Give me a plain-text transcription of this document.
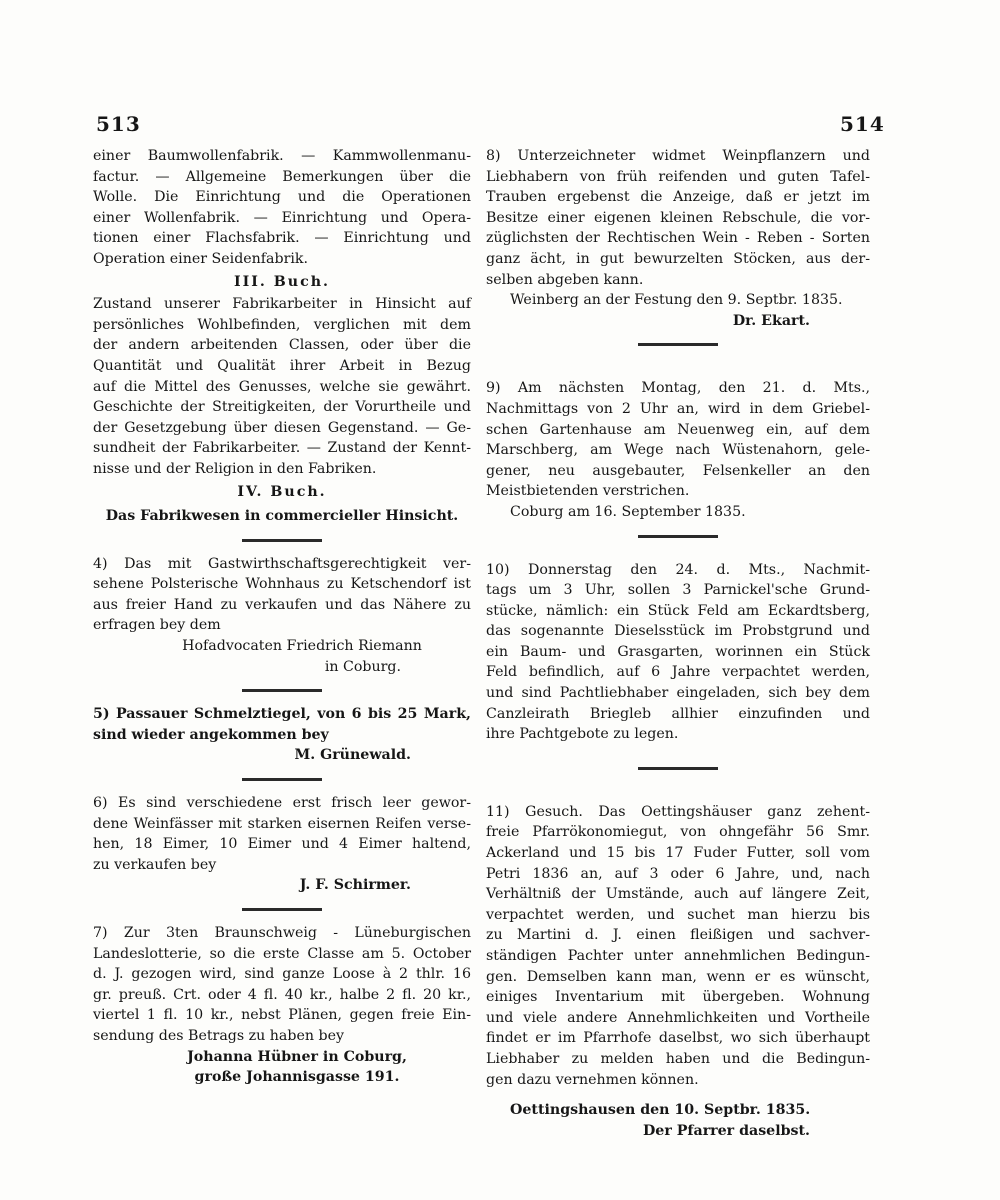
513	514
einer Baumwollenfabrik. — Kammwollenmanu-
factur. — Allgemeine Bemerkungen über die
Wolle. Die Einrichtung und die Operationen
einer Wollenfabrik. — Einrichtung und Opera-
tionen einer Flachsfabrik. — Einrichtung und
Operation einer Seidenfabrik.
III. Buch.
Zustand unserer Fabrikarbeiter in Hinsicht auf
persönliches Wohlbefinden, verglichen mit dem
der andern arbeitenden Classen, oder über die
Quantität und Qualität ihrer Arbeit in Bezug
auf die Mittel des Genusses, welche sie gewährt.
Geschichte der Streitigkeiten, der Vorurtheile und
der Gesetzgebung über diesen Gegenstand. — Ge-
sundheit der Fabrikarbeiter. — Zustand der Kennt-
nisse und der Religion in den Fabriken.
IV. Buch.
Das Fabrikwesen in commercieller Hinsicht.
4) Das mit Gastwirthschaftsgerechtigkeit ver-
sehene Polsterische Wohnhaus zu Ketschendorf ist
aus freier Hand zu verkaufen und das Nähere zu
erfragen bey dem
Hofadvocaten Friedrich Riemann
in Coburg.
5) Passauer Schmelztiegel, von 6 bis 25 Mark,
sind wieder angekommen bey
M. Grünewald.
6) Es sind verschiedene erst frisch leer gewor-
dene Weinfässer mit starken eisernen Reifen verse-
hen, 18 Eimer, 10 Eimer und 4 Eimer haltend,
zu verkaufen bey
J. F. Schirmer.
7) Zur 3ten Braunschweig - Lüneburgischen
Landeslotterie, so die erste Classe am 5. October
d. J. gezogen wird, sind ganze Loose à 2 thlr. 16
gr. preuß. Crt. oder 4 fl. 40 kr., halbe 2 fl. 20 kr.,
viertel 1 fl. 10 kr., nebst Plänen, gegen freie Ein-
sendung des Betrags zu haben bey
Johanna Hübner in Coburg,
große Johannisgasse 191.
8) Unterzeichneter widmet Weinpflanzern und
Liebhabern von früh reifenden und guten Tafel-
Trauben ergebenst die Anzeige, daß er jetzt im
Besitze einer eigenen kleinen Rebschule, die vor-
züglichsten der Rechtischen Wein - Reben - Sorten
ganz ächt, in gut bewurzelten Stöcken, aus der-
selben abgeben kann.
Weinberg an der Festung den 9. Septbr. 1835.
Dr. Ekart.
9) Am nächsten Montag, den 21. d. Mts.,
Nachmittags von 2 Uhr an, wird in dem Griebel-
schen Gartenhause am Neuenweg ein, auf dem
Marschberg, am Wege nach Wüstenahorn, gele-
gener, neu ausgebauter, Felsenkeller an den
Meistbietenden verstrichen.
Coburg am 16. September 1835.
10) Donnerstag den 24. d. Mts., Nachmit-
tags um 3 Uhr, sollen 3 Parnickel'sche Grund-
stücke, nämlich: ein Stück Feld am Eckardtsberg,
das sogenannte Dieselsstück im Probstgrund und
ein Baum- und Grasgarten, worinnen ein Stück
Feld befindlich, auf 6 Jahre verpachtet werden,
und sind Pachtliebhaber eingeladen, sich bey dem
Canzleirath Briegleb allhier einzufinden und
ihre Pachtgebote zu legen.
11) Gesuch. Das Oettingshäuser ganz zehent-
freie Pfarrökonomiegut, von ohngefähr 56 Smr.
Ackerland und 15 bis 17 Fuder Futter, soll vom
Petri 1836 an, auf 3 oder 6 Jahre, und, nach
Verhältniß der Umstände, auch auf längere Zeit,
verpachtet werden, und suchet man hierzu bis
zu Martini d. J. einen fleißigen und sachver-
ständigen Pachter unter annehmlichen Bedingun-
gen. Demselben kann man, wenn er es wünscht,
einiges Inventarium mit übergeben. Wohnung
und viele andere Annehmlichkeiten und Vortheile
findet er im Pfarrhofe daselbst, wo sich überhaupt
Liebhaber zu melden haben und die Bedingun-
gen dazu vernehmen können.
Oettingshausen den 10. Septbr. 1835.
Der Pfarrer daselbst.
